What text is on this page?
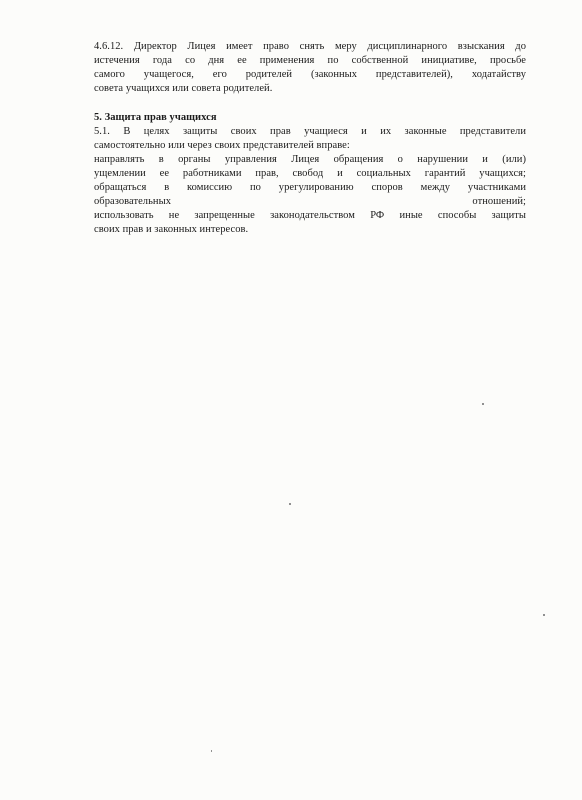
4.6.12. Директор Лицея имеет право снять меру дисциплинарного взыскания до
истечения года со дня ее применения по собственной инициативе, просьбе
самого учащегося, его родителей (законных представителей), ходатайству
совета учащихся или совета родителей.
5. Защита прав учащихся
5.1. В целях защиты своих прав учащиеся и их законные представители
самостоятельно или через своих представителей вправе:
направлять в органы управления Лицея обращения о нарушении и (или)
ущемлении ее работниками прав, свобод и социальных гарантий учащихся;
обращаться в комиссию по урегулированию споров между участниками
образовательных	отношений;
использовать не запрещенные законодательством РФ иные способы защиты
своих прав и законных интересов.
